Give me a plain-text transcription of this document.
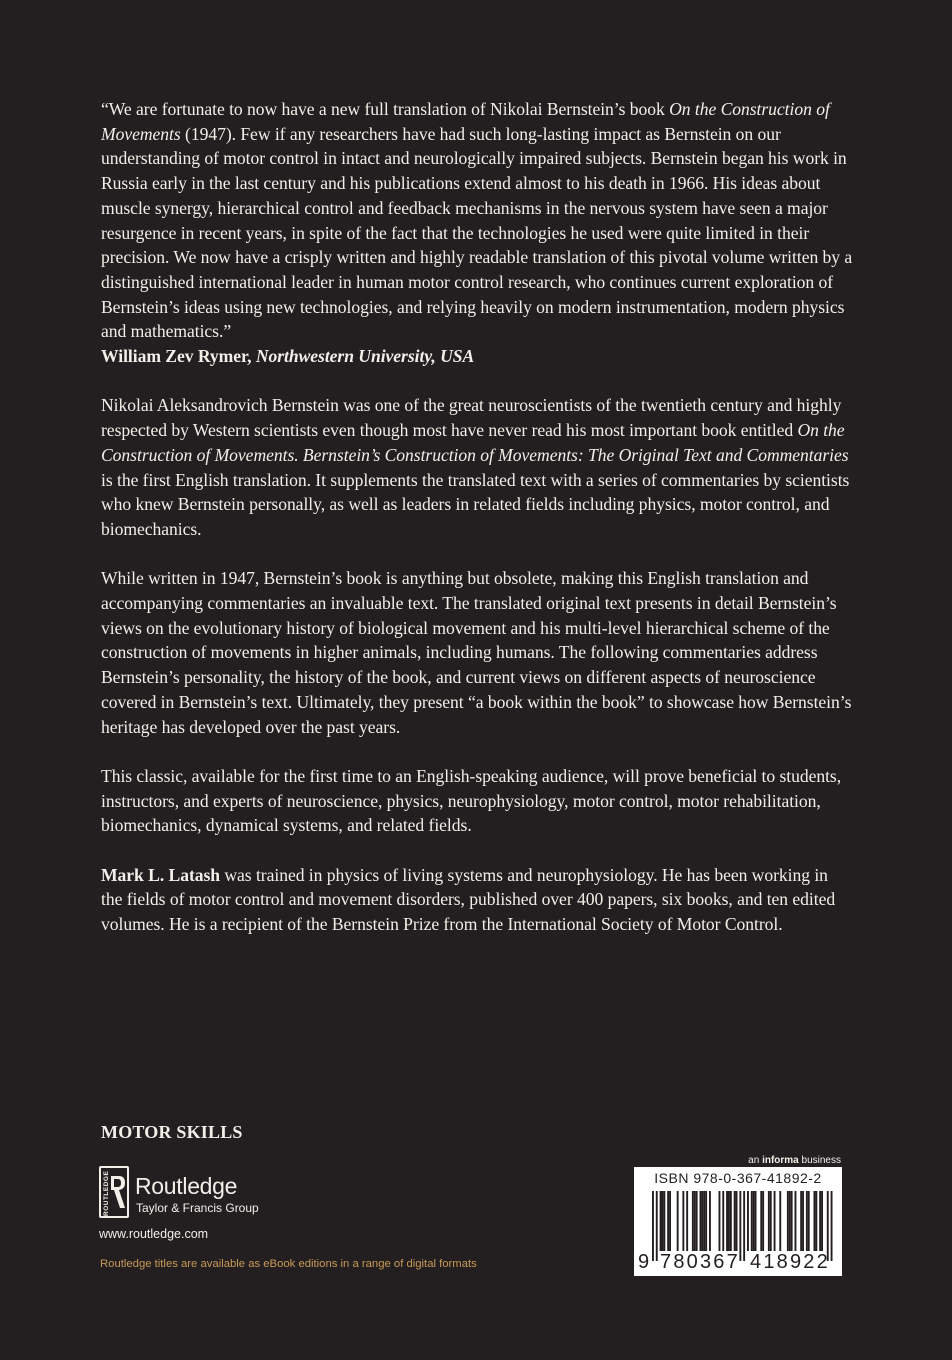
“We are fortunate to now have a new full translation of Nikolai Bernstein’s book On the Construction of Movements (1947). Few if any researchers have had such long-lasting impact as Bernstein on our understanding of motor control in intact and neurologically impaired subjects. Bernstein began his work in Russia early in the last century and his publications extend almost to his death in 1966. His ideas about muscle synergy, hierarchical control and feedback mechanisms in the nervous system have seen a major resurgence in recent years, in spite of the fact that the technologies he used were quite limited in their precision. We now have a crisply written and highly readable translation of this pivotal volume written by a distinguished international leader in human motor control research, who continues current exploration of Bernstein’s ideas using new technologies, and relying heavily on modern instrumentation, modern physics and mathematics.”

William Zev Rymer, Northwestern University, USA

Nikolai Aleksandrovich Bernstein was one of the great neuroscientists of the twentieth century and highly respected by Western scientists even though most have never read his most important book entitled On the Construction of Movements. Bernstein’s Construction of Movements: The Original Text and Commentaries is the first English translation. It supplements the translated text with a series of commentaries by scientists who knew Bernstein personally, as well as leaders in related fields including physics, motor control, and biomechanics.

While written in 1947, Bernstein’s book is anything but obsolete, making this English translation and accompanying commentaries an invaluable text. The translated original text presents in detail Bernstein’s views on the evolutionary history of biological movement and his multi-level hierarchical scheme of the construction of movements in higher animals, including humans. The following commentaries address Bernstein’s personality, the history of the book, and current views on different aspects of neuroscience covered in Bernstein’s text. Ultimately, they present “a book within the book” to showcase how Bernstein’s heritage has developed over the past years.

This classic, available for the first time to an English-speaking audience, will prove beneficial to students, instructors, and experts of neuroscience, physics, neurophysiology, motor control, motor rehabilitation, biomechanics, dynamical systems, and related fields.

Mark L. Latash was trained in physics of living systems and neurophysiology. He has been working in the fields of motor control and movement disorders, published over 400 papers, six books, and ten edited volumes. He is a recipient of the Bernstein Prize from the International Society of Motor Control.

MOTOR SKILLS
ROUTLEDGE Routledge
Taylor & Francis Group
www.routledge.com
Routledge titles are available as eBook editions in a range of digital formats
an informa business
ISBN 978-0-367-41892-2
9 780367 418922
